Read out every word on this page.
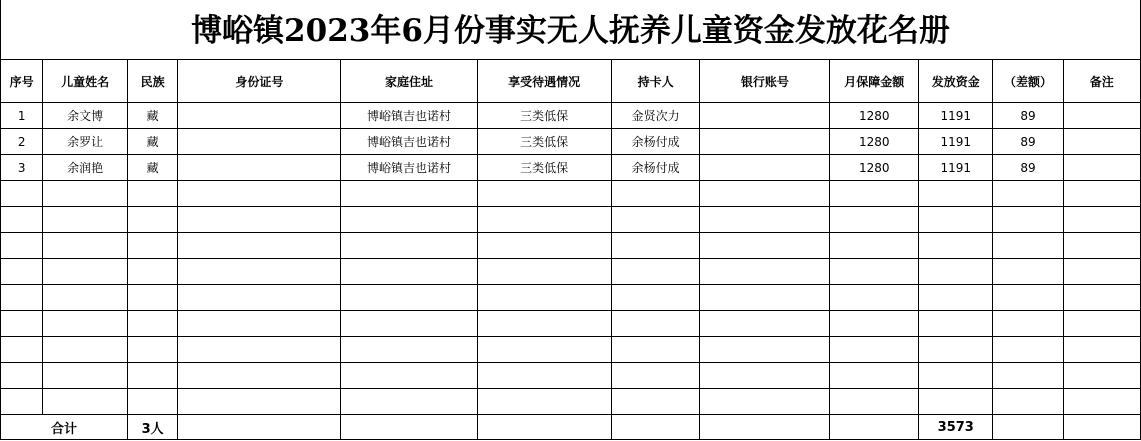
博峪镇2023年6月份事实无人抚养儿童资金发放花名册
序号	儿童姓名	民族	身份证号	家庭住址	享受待遇情况	持卡人	银行账号	月保障金额	发放资金	（差额）	备注
1	余文博	藏		博峪镇吉也诺村	三类低保	金贤次力		1280	1191	89	
2	余罗让	藏		博峪镇吉也诺村	三类低保	余杨付成		1280	1191	89	
3	余润艳	藏		博峪镇吉也诺村	三类低保	余杨付成		1280	1191	89	

合计		3人							3573		
